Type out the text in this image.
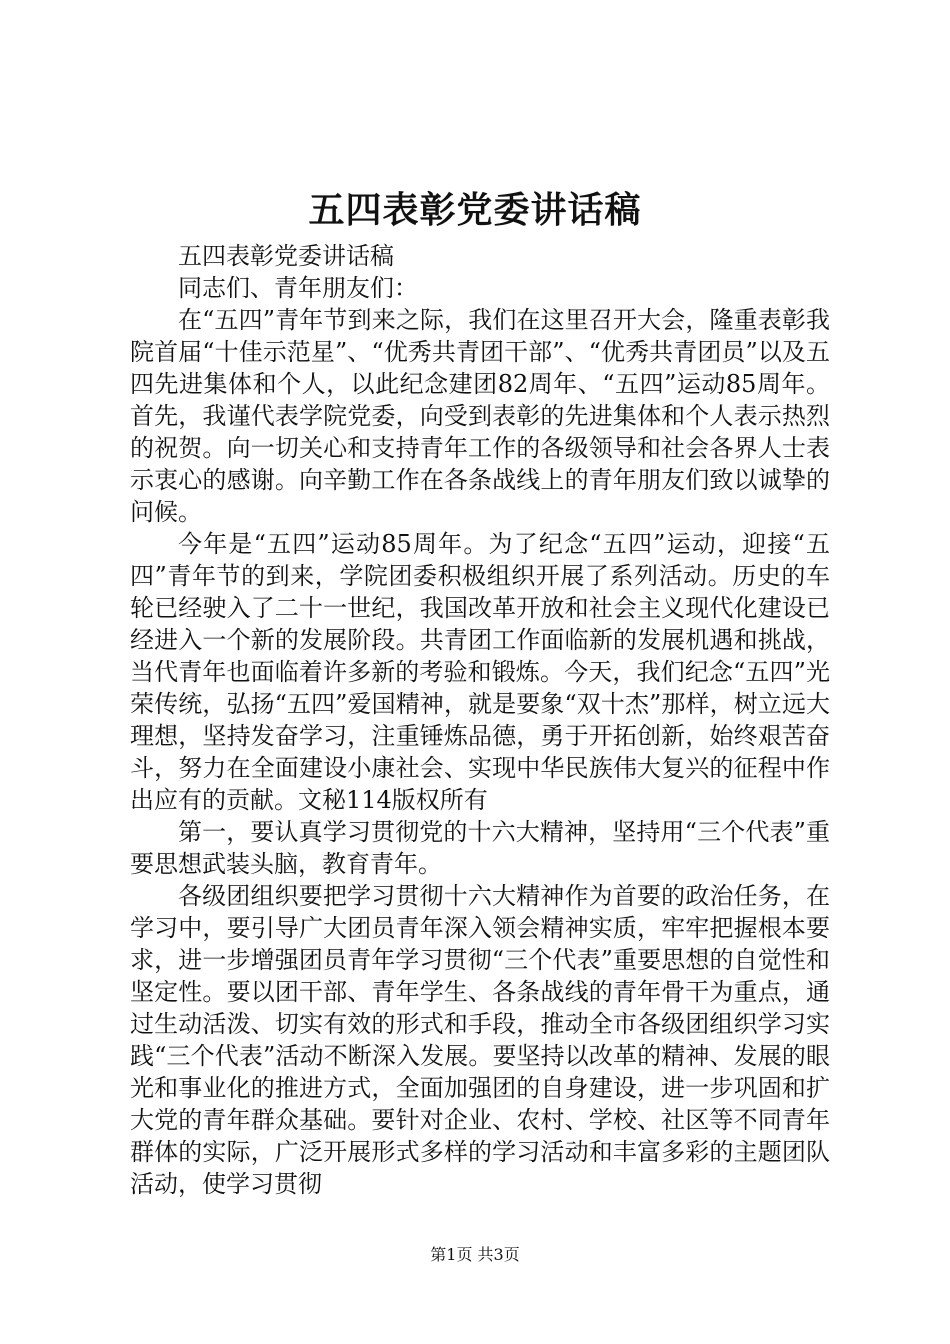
五四表彰党委讲话稿

五四表彰党委讲话稿

同志们、青年朋友们：

在“五四”青年节到来之际，我们在这里召开大会，隆重表彰我院首届“十佳示范星”、“优秀共青团干部”、“优秀共青团员”以及五四先进集体和个人，以此纪念建团82周年、“五四”运动85周年。首先，我谨代表学院党委，向受到表彰的先进集体和个人表示热烈的祝贺。向一切关心和支持青年工作的各级领导和社会各界人士表示衷心的感谢。向辛勤工作在各条战线上的青年朋友们致以诚挚的问候。

今年是“五四”运动85周年。为了纪念“五四”运动，迎接“五四”青年节的到来，学院团委积极组织开展了系列活动。历史的车轮已经驶入了二十一世纪，我国改革开放和社会主义现代化建设已经进入一个新的发展阶段。共青团工作面临新的发展机遇和挑战，当代青年也面临着许多新的考验和锻炼。今天，我们纪念“五四”光荣传统，弘扬“五四”爱国精神，就是要象“双十杰”那样，树立远大理想，坚持发奋学习，注重锤炼品德，勇于开拓创新，始终艰苦奋斗，努力在全面建设小康社会、实现中华民族伟大复兴的征程中作出应有的贡献。文秘114版权所有

第一，要认真学习贯彻党的十六大精神，坚持用“三个代表”重要思想武装头脑，教育青年。

各级团组织要把学习贯彻十六大精神作为首要的政治任务，在学习中，要引导广大团员青年深入领会精神实质，牢牢把握根本要求，进一步增强团员青年学习贯彻“三个代表”重要思想的自觉性和坚定性。要以团干部、青年学生、各条战线的青年骨干为重点，通过生动活泼、切实有效的形式和手段，推动全市各级团组织学习实践“三个代表”活动不断深入发展。要坚持以改革的精神、发展的眼光和事业化的推进方式，全面加强团的自身建设，进一步巩固和扩大党的青年群众基础。要针对企业、农村、学校、社区等不同青年群体的实际，广泛开展形式多样的学习活动和丰富多彩的主题团队活动，使学习贯彻

第1页 共3页
